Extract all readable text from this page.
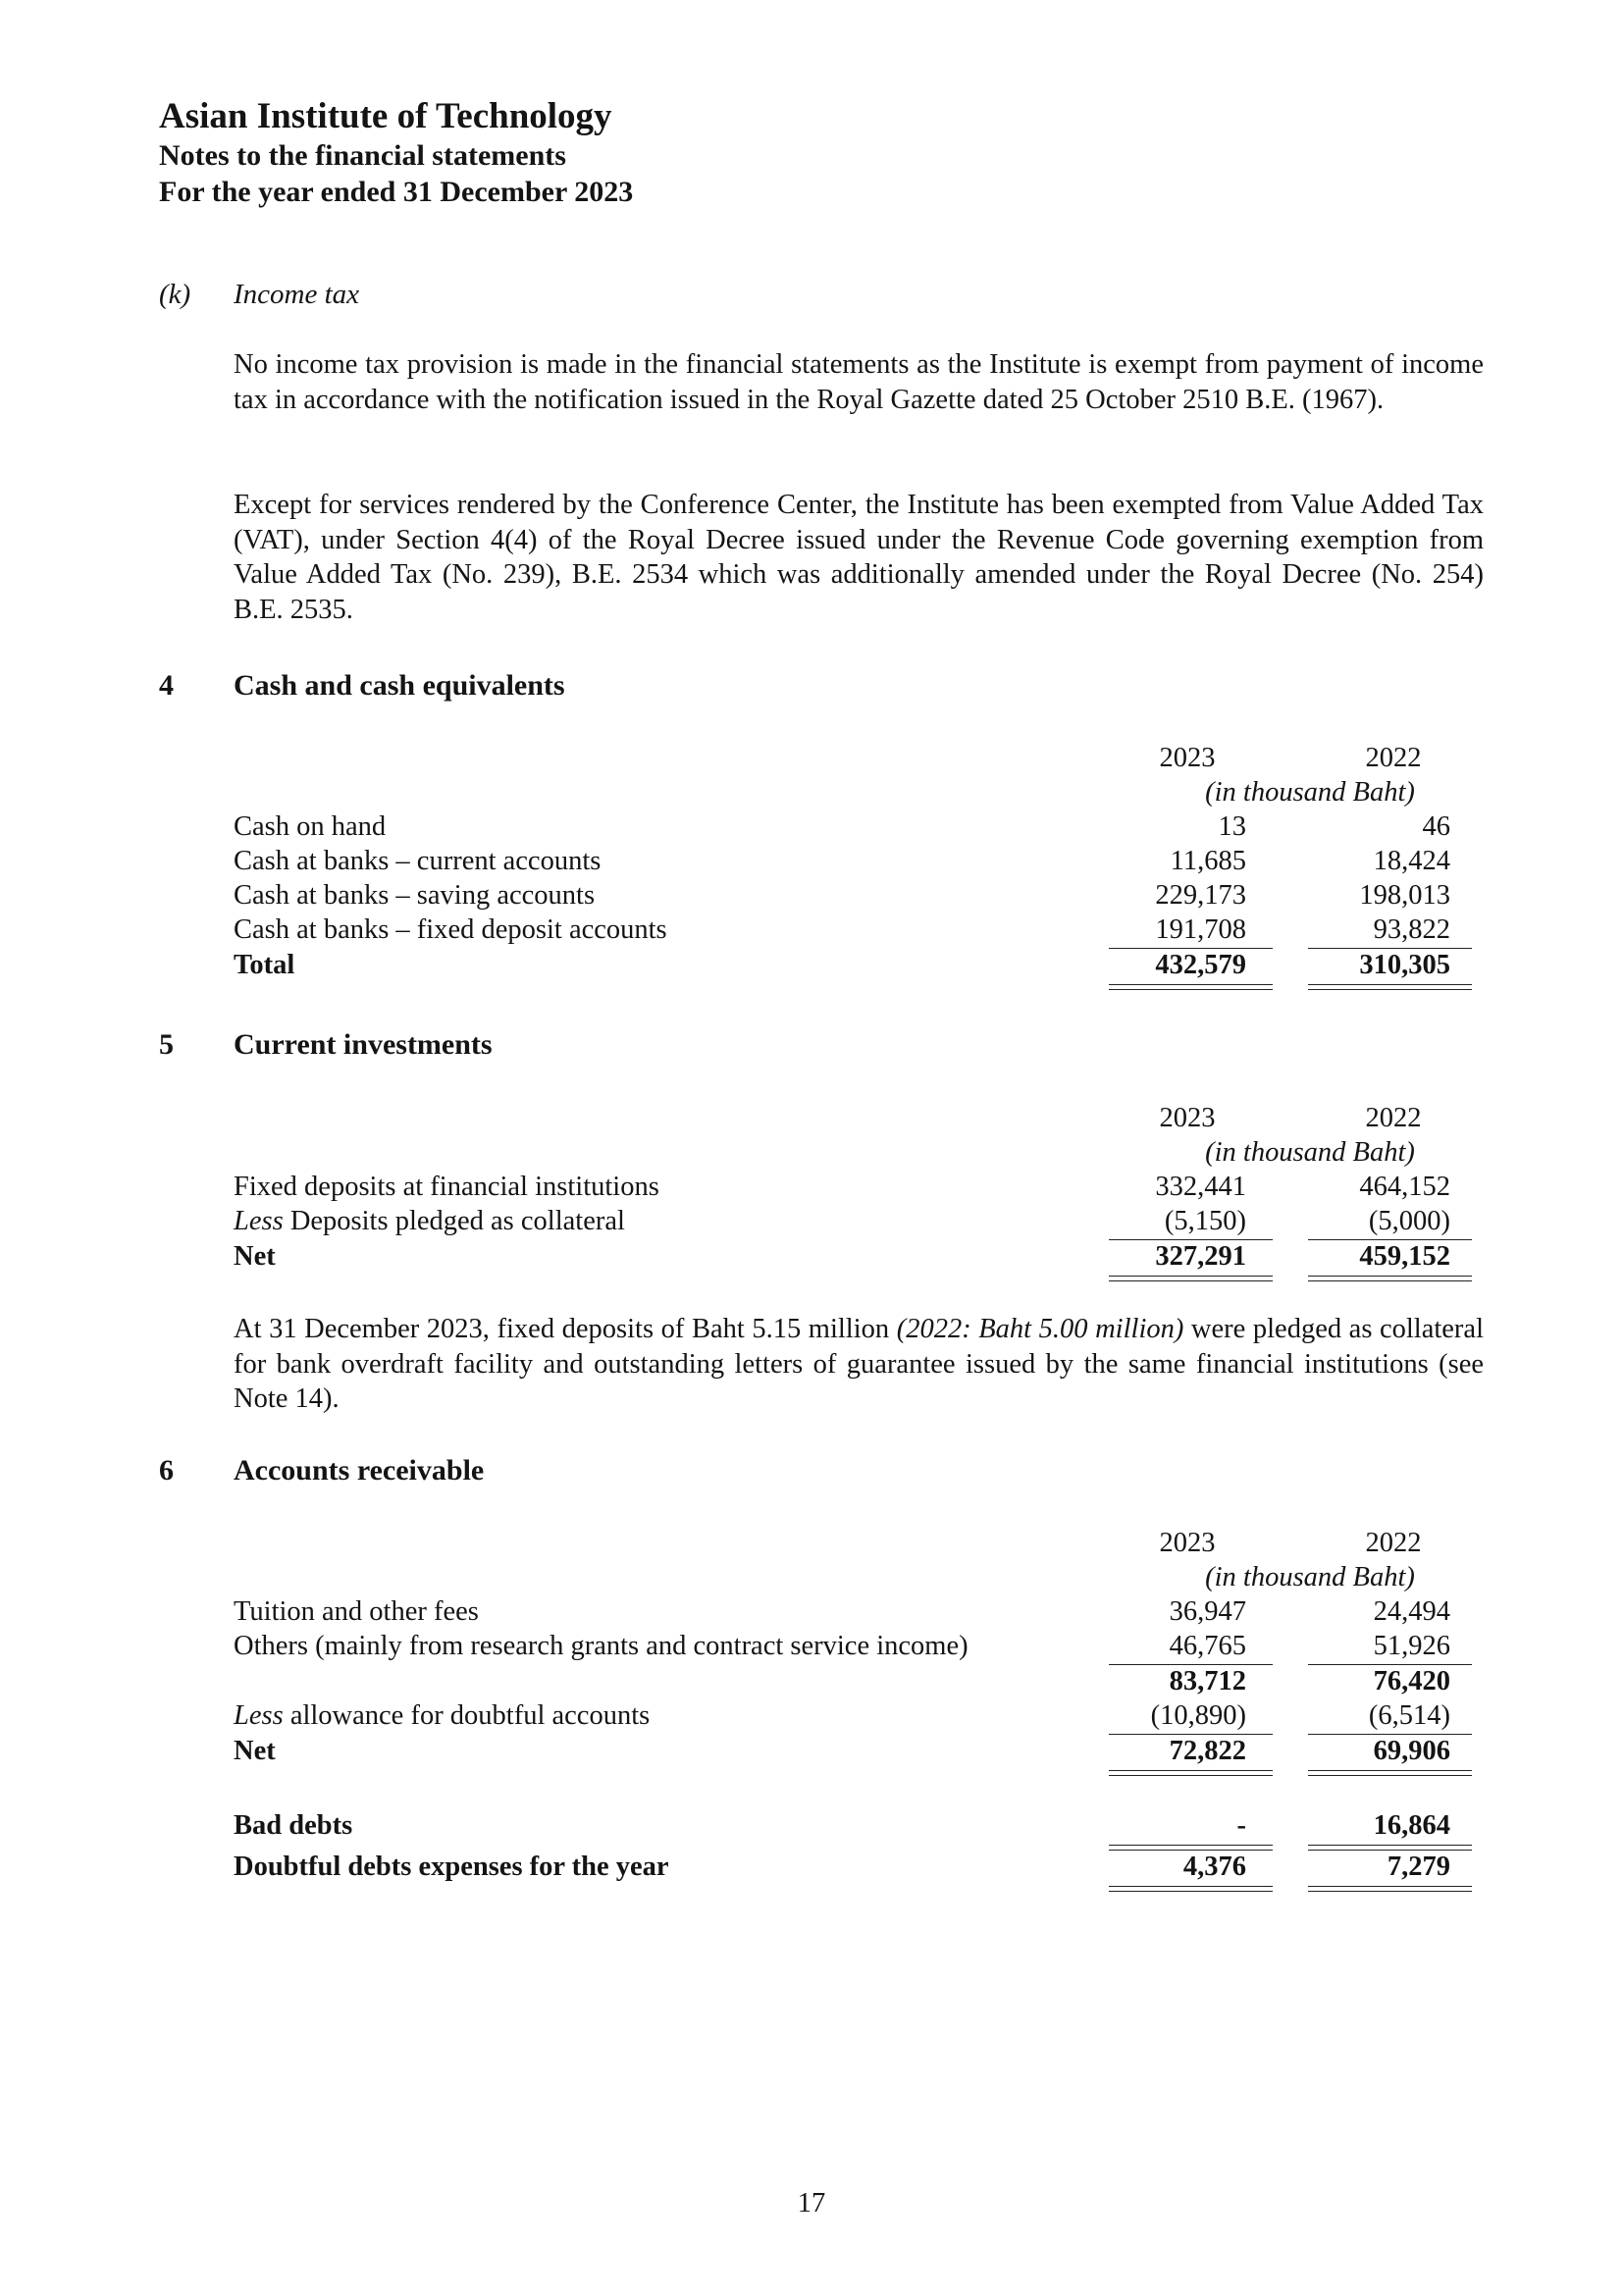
Asian Institute of Technology
Notes to the financial statements
For the year ended 31 December 2023
(k) Income tax
No income tax provision is made in the financial statements as the Institute is exempt from payment of income tax in accordance with the notification issued in the Royal Gazette dated 25 October 2510 B.E. (1967).
Except for services rendered by the Conference Center, the Institute has been exempted from Value Added Tax (VAT), under Section 4(4) of the Royal Decree issued under the Revenue Code governing exemption from Value Added Tax (No. 239), B.E. 2534 which was additionally amended under the Royal Decree (No. 254) B.E. 2535.
4 Cash and cash equivalents
2023	2022
(in thousand Baht)
Cash on hand	13	46
Cash at banks – current accounts	11,685	18,424
Cash at banks – saving accounts	229,173	198,013
Cash at banks – fixed deposit accounts	191,708	93,822
Total	432,579	310,305
5 Current investments
2023	2022
(in thousand Baht)
Fixed deposits at financial institutions	332,441	464,152
Less Deposits pledged as collateral	(5,150)	(5,000)
Net	327,291	459,152
At 31 December 2023, fixed deposits of Baht 5.15 million (2022: Baht 5.00 million) were pledged as collateral for bank overdraft facility and outstanding letters of guarantee issued by the same financial institutions (see Note 14).
6 Accounts receivable
2023	2022
(in thousand Baht)
Tuition and other fees	36,947	24,494
Others (mainly from research grants and contract service income)	46,765	51,926
83,712	76,420
Less allowance for doubtful accounts	(10,890)	(6,514)
Net	72,822	69,906
Bad debts	-	16,864
Doubtful debts expenses for the year	4,376	7,279
17
